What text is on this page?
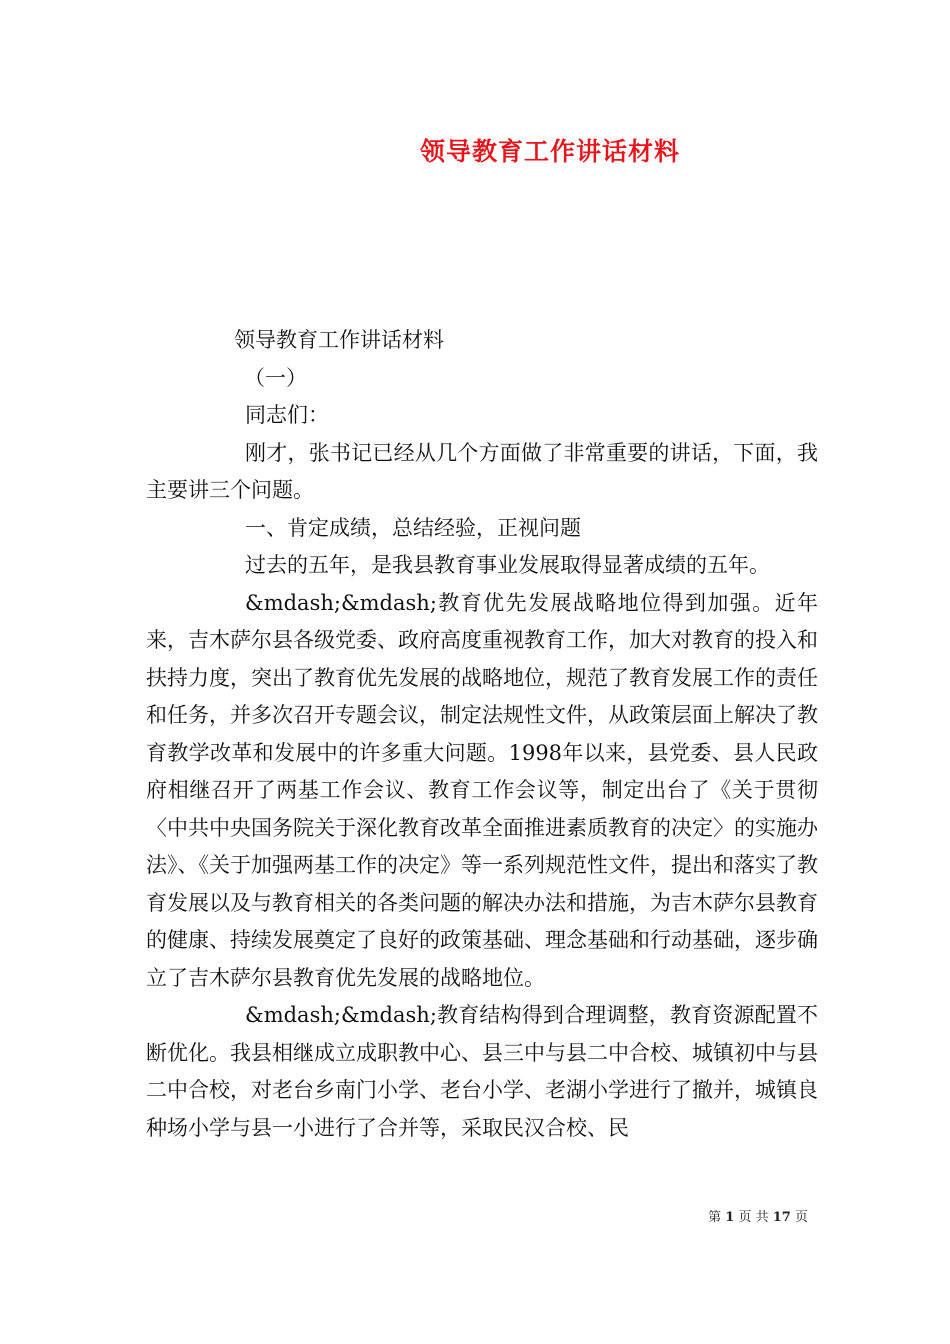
领导教育工作讲话材料

领导教育工作讲话材料

（一）

同志们：

刚才，张书记已经从几个方面做了非常重要的讲话，下面，我主要讲三个问题。

一、肯定成绩，总结经验，正视问题

过去的五年，是我县教育事业发展取得显著成绩的五年。

&mdash;&mdash;教育优先发展战略地位得到加强。近年来，吉木萨尔县各级党委、政府高度重视教育工作，加大对教育的投入和扶持力度，突出了教育优先发展的战略地位，规范了教育发展工作的责任和任务，并多次召开专题会议，制定法规性文件，从政策层面上解决了教育教学改革和发展中的许多重大问题。1998年以来，县党委、县人民政府相继召开了两基工作会议、教育工作会议等，制定出台了《关于贯彻〈中共中央国务院关于深化教育改革全面推进素质教育的决定〉的实施办法》、《关于加强两基工作的决定》等一系列规范性文件，提出和落实了教育发展以及与教育相关的各类问题的解决办法和措施，为吉木萨尔县教育的健康、持续发展奠定了良好的政策基础、理念基础和行动基础，逐步确立了吉木萨尔县教育优先发展的战略地位。

&mdash;&mdash;教育结构得到合理调整，教育资源配置不断优化。我县相继成立成职教中心、县三中与县二中合校、城镇初中与县二中合校，对老台乡南门小学、老台小学、老湖小学进行了撤并，城镇良种场小学与县一小进行了合并等，采取民汉合校、民

第 1 页 共 17 页
